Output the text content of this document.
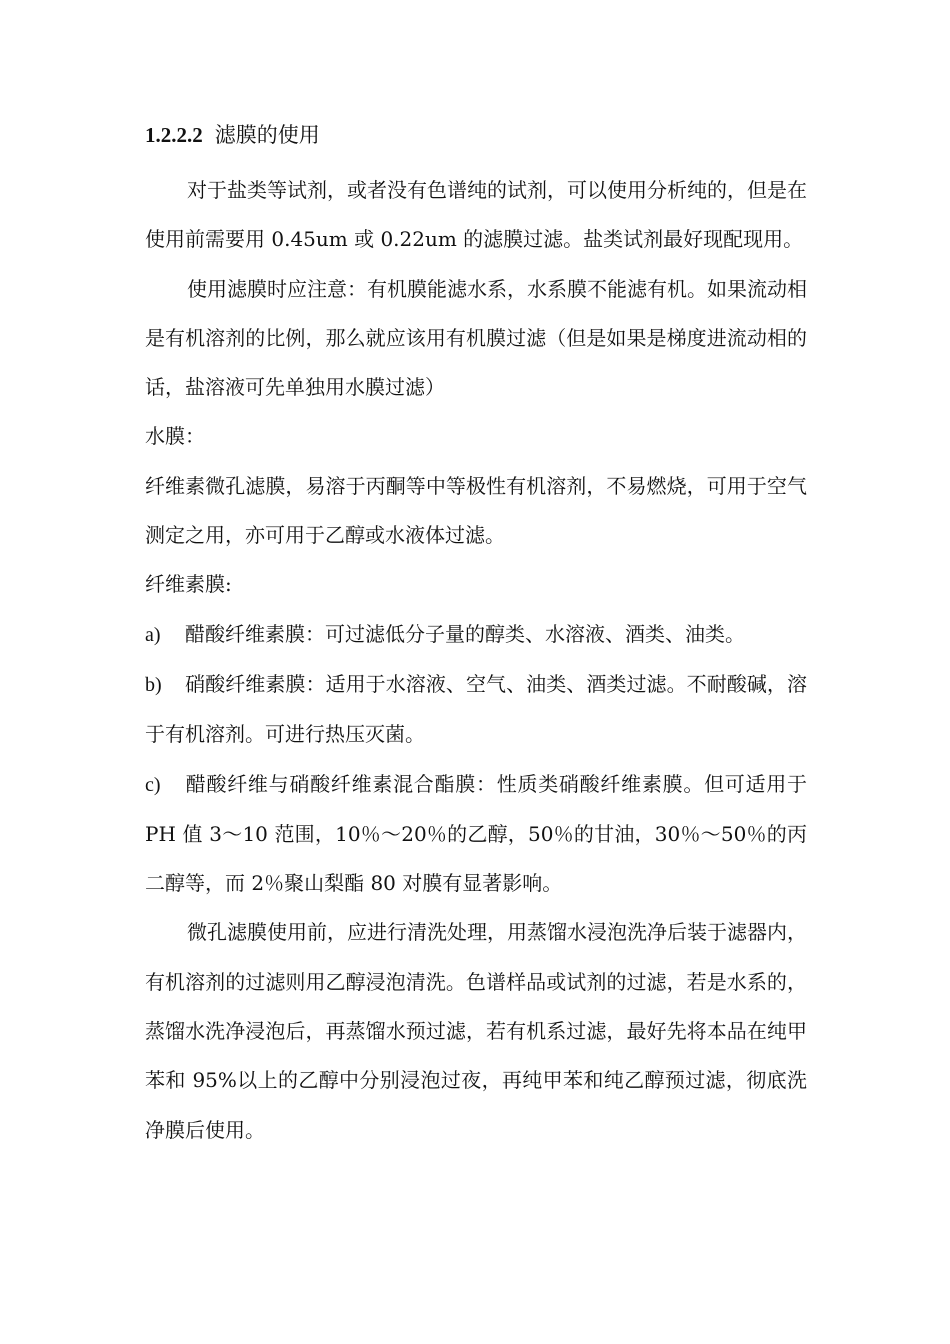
1.2.2.2 滤膜的使用

对于盐类等试剂，或者没有色谱纯的试剂，可以使用分析纯的，但是在使用前需要用 0.45um 或 0.22um 的滤膜过滤。盐类试剂最好现配现用。

使用滤膜时应注意：有机膜能滤水系，水系膜不能滤有机。如果流动相是有机溶剂的比例，那么就应该用有机膜过滤（但是如果是梯度进流动相的话，盐溶液可先单独用水膜过滤）

水膜：

纤维素微孔滤膜，易溶于丙酮等中等极性有机溶剂，不易燃烧，可用于空气测定之用，亦可用于乙醇或水液体过滤。

纤维素膜:
a) 醋酸纤维素膜：可过滤低分子量的醇类、水溶液、酒类、油类。
b) 硝酸纤维素膜：适用于水溶液、空气、油类、酒类过滤。不耐酸碱，溶于有机溶剂。可进行热压灭菌。
c) 醋酸纤维与硝酸纤维素混合酯膜：性质类硝酸纤维素膜。但可适用于 PH 值 3～10 范围，10％～20％的乙醇，50％的甘油，30％～50％的丙二醇等，而 2％聚山梨酯 80 对膜有显著影响。

微孔滤膜使用前，应进行清洗处理，用蒸馏水浸泡洗净后装于滤器内，有机溶剂的过滤则用乙醇浸泡清洗。色谱样品或试剂的过滤，若是水系的，蒸馏水洗净浸泡后，再蒸馏水预过滤，若有机系过滤，最好先将本品在纯甲苯和 95%以上的乙醇中分别浸泡过夜，再纯甲苯和纯乙醇预过滤，彻底洗净膜后使用。
